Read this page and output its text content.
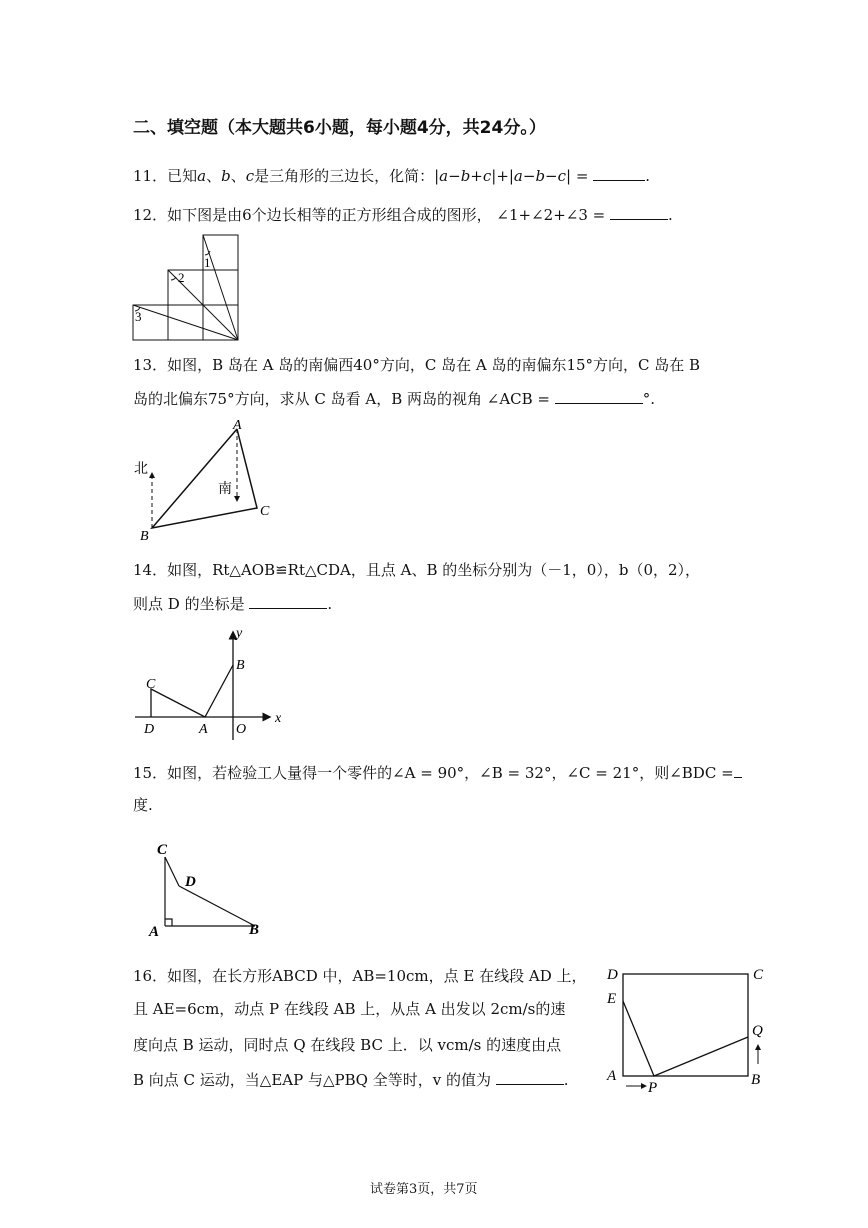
二、填空题（本大题共6小题，每小题4分，共24分。）
11．已知a、b、c是三角形的三边长，化简：|a−b+c|+|a−b−c| =	.
12．如下图是由6个边长相等的正方形组合成的图形， ∠1+∠2+∠3 =	.
1
2
3
13．如图，B 岛在 A 岛的南偏西40°方向，C 岛在 A 岛的南偏东15°方向，C 岛在 B
岛的北偏东75°方向，求从 C 岛看 A，B 两岛的视角 ∠ACB =	°.
A
B
C
北
南
14．如图，Rt△AOB≌Rt△CDA，且点 A、B 的坐标分别为（－1，0），b（0，2），
则点 D 的坐标是	.
y
x
B
C
D	A O
15．如图，若检验工人量得一个零件的∠A = 90°，∠B = 32°，∠C = 21°，则∠BDC =
度.
C
D
A	B
16．如图，在长方形ABCD 中，AB=10cm，点 E 在线段 AD 上，
且 AE=6cm，动点 P 在线段 AB 上，从点 A 出发以 2cm/s的速
度向点 B 运动，同时点 Q 在线段 BC 上．以 vcm/s 的速度由点
B 向点 C 运动，当△EAP 与△PBQ 全等时，v 的值为	.
D	C
E
Q
A
P	B
试卷第3页，共7页
